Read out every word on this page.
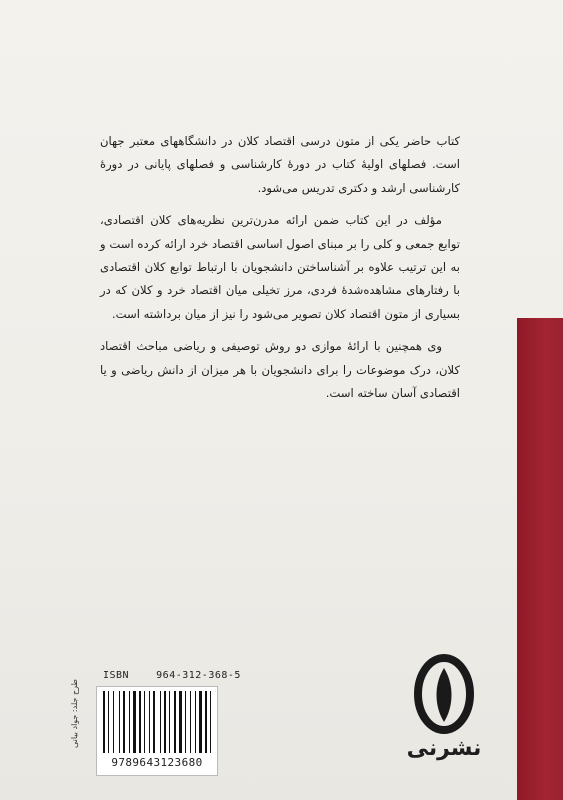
کتاب حاضر یکی از متون درسی اقتصاد کلان در دانشگاههای معتبر جهان است. فصلهای اولیهٔ کتاب در دورهٔ کارشناسی و فصلهای پایانی در دورهٔ کارشناسی ارشد و دکتری تدریس می‌شود.

مؤلف در این کتاب ضمن ارائه مدرن‌ترین نظریه‌های کلان اقتصادی، توابع جمعی و کلی را بر مبنای اصول اساسی اقتصاد خرد ارائه کرده است و به این ترتیب علاوه بر آشناساختن دانشجویان با ارتباط توابع کلان اقتصادی با رفتارهای مشاهده‌شدهٔ فردی، مرز تخیلی میان اقتصاد خرد و کلان که در بسیاری از متون اقتصاد کلان تصویر می‌شود را نیز از میان برداشته است.

وی همچنین با ارائهٔ موازی دو روش توصیفی و ریاضی مباحث اقتصاد کلان، درک موضوعات را برای دانشجویان با هر میزان از دانش ریاضی و یا اقتصادی آسان ساخته است.

طرح جلد: جواد بیانی
ISBN	964-312-368-5
9789643123680
نشرنی
